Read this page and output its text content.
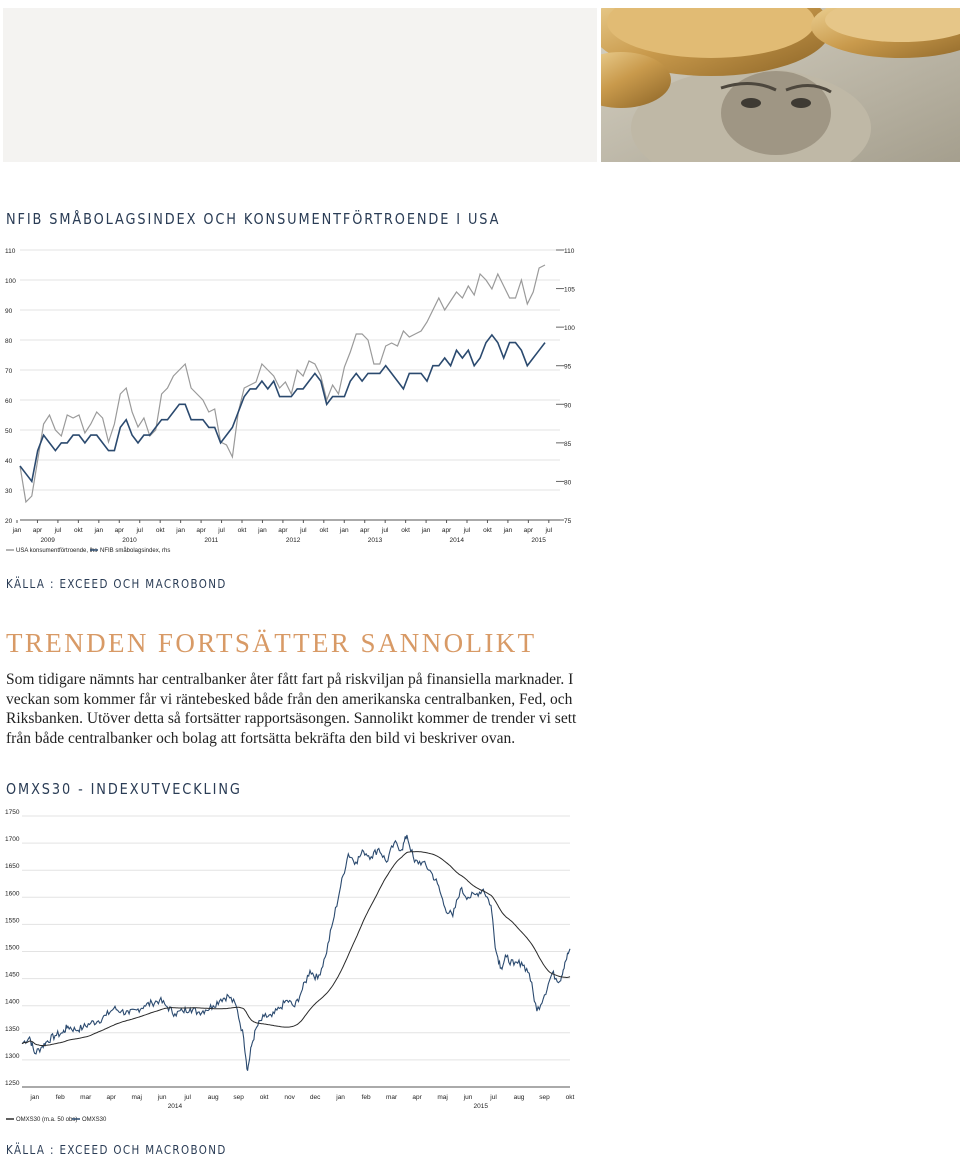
NFIB SMÅBOLAGSINDEX OCH KONSUMENTFÖRTROENDE I USA
110
100
90
80
70
60
50
40
30
20
110
105
100
95
90
85
80
75
jan apr jul okt jan apr jul okt jan apr jul okt jan apr jul okt jan apr jul okt jan apr jul okt jan apr jul
2009	2010	2011	2012	2013	2014	2015
USA konsumentförtroende, lhs NFIB småbolagsindex, rhs
KÄLLA : EXCEED OCH MACROBOND
TRENDEN FORTSÄTTER SANNOLIKT
Som tidigare nämnts har centralbanker åter fått fart på riskviljan på finansiella marknader. I veckan som kommer får vi räntebesked både från den amerikanska centralbanken, Fed, och Riksbanken. Utöver detta så fortsätter rapportsäsongen. Sannolikt kommer de trender vi sett från både centralbanker och bolag att fortsätta bekräfta den bild vi beskriver ovan.
OMXS30 - INDEXUTVECKLING
1750
1700
1650
1600
1550
1500
1450
1400
1350
1300
1250
jan	feb mar apr maj jun	jul	aug sep okt nov dec jan	feb mar apr maj jun	jul	aug sep okt
2014	2015
OMXS30 (m.a. 50 obs) OMXS30
KÄLLA : EXCEED OCH MACROBOND
